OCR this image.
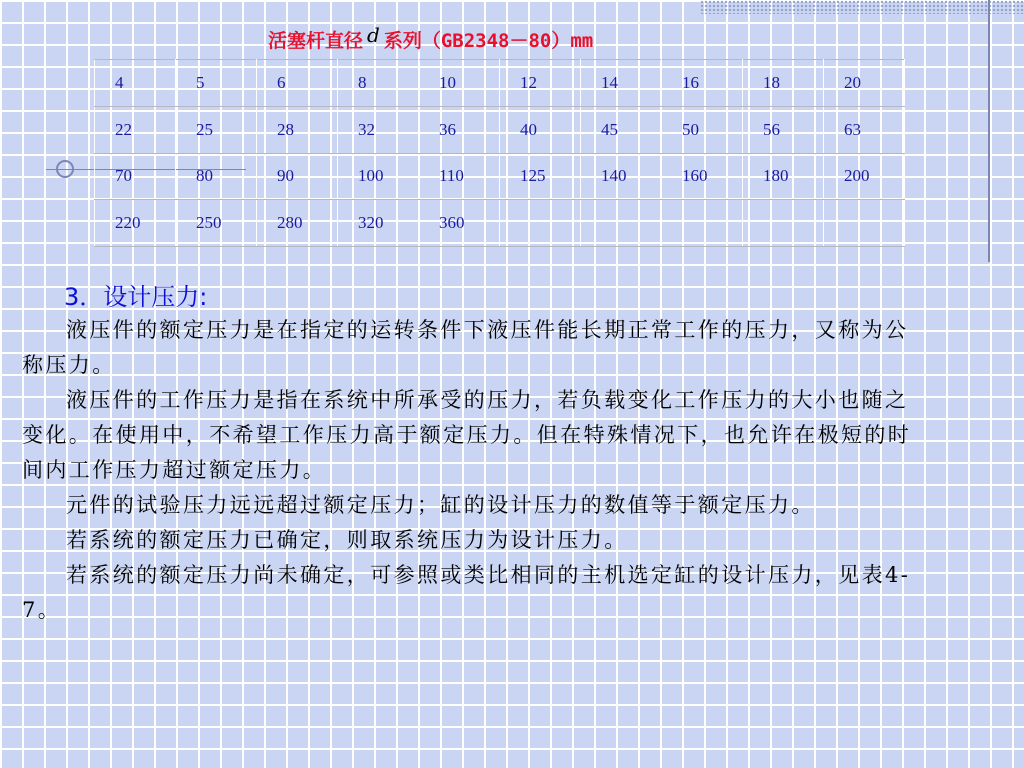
活塞杆直径 d 系列（GB2348－80）mm
4	5	6	8	10	12	14	16	18	20
22	25	28	32	36	40	45	50	56	63
70	80	90	100	110	125	140	160	180	200
220	250	280	320	360					
3．设计压力:

液压件的额定压力是在指定的运转条件下液压件能长期正常工作的压力，又称为公称压力。

液压件的工作压力是指在系统中所承受的压力，若负载变化工作压力的大小也随之变化。在使用中，不希望工作压力高于额定压力。但在特殊情况下，也允许在极短的时间内工作压力超过额定压力。

元件的试验压力远远超过额定压力；缸的设计压力的数值等于额定压力。

若系统的额定压力已确定，则取系统压力为设计压力。

若系统的额定压力尚未确定，可参照或类比相同的主机选定缸的设计压力，见表4-7。
